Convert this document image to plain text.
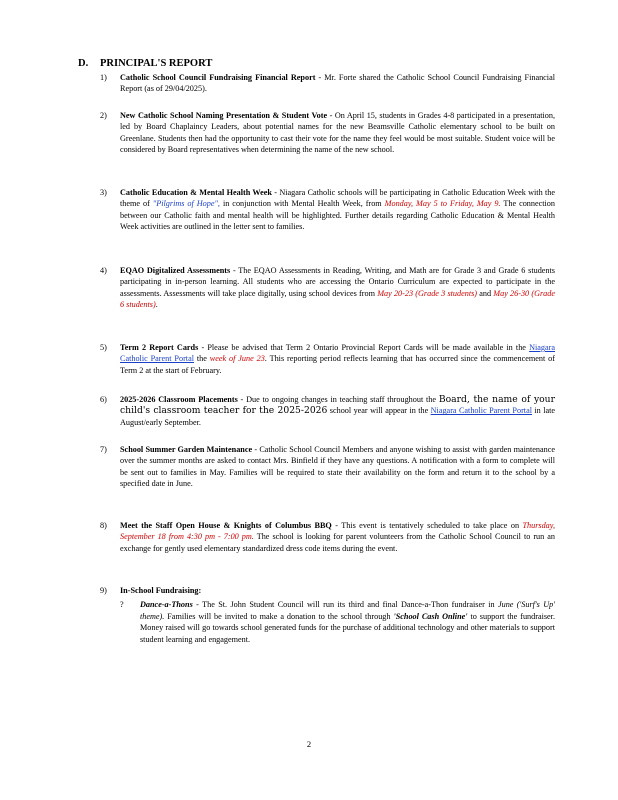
D. PRINCIPAL'S REPORT
1)	Catholic School Council Fundraising Financial Report - Mr. Forte shared the Catholic School Council Fundraising Financial Report (as of 29/04/2025).
2)	New Catholic School Naming Presentation & Student Vote - On April 15, students in Grades 4-8 participated in a presentation, led by Board Chaplaincy Leaders, about potential names for the new Beamsville Catholic elementary school to be built on Greenlane. Students then had the opportunity to cast their vote for the name they feel would be most suitable. Student voice will be considered by Board representatives when determining the name of the new school.
3)	Catholic Education & Mental Health Week - Niagara Catholic schools will be participating in Catholic Education Week with the theme of "Pilgrims of Hope", in conjunction with Mental Health Week, from Monday, May 5 to Friday, May 9. The connection between our Catholic faith and mental health will be highlighted. Further details regarding Catholic Education & Mental Health Week activities are outlined in the letter sent to families.
4)	EQAO Digitalized Assessments - The EQAO Assessments in Reading, Writing, and Math are for Grade 3 and Grade 6 students participating in in-person learning. All students who are accessing the Ontario Curriculum are expected to participate in the assessments. Assessments will take place digitally, using school devices from May 20-23 (Grade 3 students) and May 26-30 (Grade 6 students).
5)	Term 2 Report Cards - Please be advised that Term 2 Ontario Provincial Report Cards will be made available in the Niagara Catholic Parent Portal the week of June 23. This reporting period reflects learning that has occurred since the commencement of Term 2 at the start of February.
6)	2025-2026 Classroom Placements - Due to ongoing changes in teaching staff throughout the Board, the name of your child's classroom teacher for the 2025-2026 school year will appear in the Niagara Catholic Parent Portal in late August/early September.
7)	School Summer Garden Maintenance - Catholic School Council Members and anyone wishing to assist with garden maintenance over the summer months are asked to contact Mrs. Binfield if they have any questions. A notification with a form to complete will be sent out to families in May. Families will be required to state their availability on the form and return it to the school by a specified date in June.
8)	Meet the Staff Open House & Knights of Columbus BBQ - This event is tentatively scheduled to take place on Thursday, September 18 from 4:30 pm - 7:00 pm. The school is looking for parent volunteers from the Catholic School Council to run an exchange for gently used elementary standardized dress code items during the event.
9)	In-School Fundraising:
? Dance-a-Thons - The St. John Student Council will run its third and final Dance-a-Thon fundraiser in June ('Surf's Up' theme). Families will be invited to make a donation to the school through 'School Cash Online' to support the fundraiser. Money raised will go towards school generated funds for the purchase of additional technology and other materials to support student learning and engagement.
2
